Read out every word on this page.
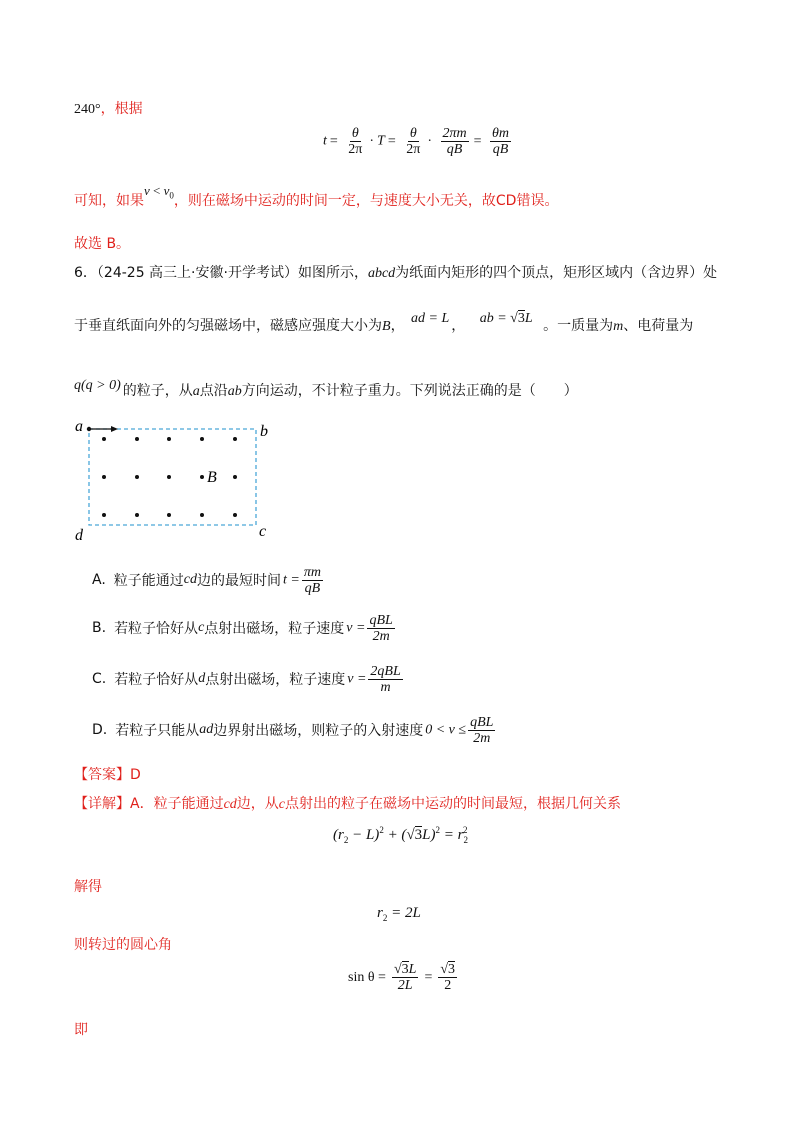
240°，根据
$t = \frac{\theta}{2\pi} \cdot T = \frac{\theta}{2\pi} \cdot \frac{2\pi m}{qB} = \frac{\theta m}{qB}$
可知，如果$v < v_0$，则在磁场中运动的时间一定，与速度大小无关，故CD错误。
故选 B。
6．（24-25 高三上·安徽·开学考试）如图所示，abcd为纸面内矩形的四个顶点，矩形区域内（含边界）处
于垂直纸面向外的匀强磁场中，磁感应强度大小为B， ad = L ， ab = √3L 。一质量为m、电荷量为
q(q > 0) 的粒子，从a点沿ab方向运动，不计粒子重力。下列说法正确的是（　　）
a	b
c
d
B
A. 粒子能通过 cd 边的最短时间 $t = \frac{\pi m}{qB}$
B. 若粒子恰好从 c 点射出磁场，粒子速度 $v = \frac{\text{qBL}}{2m}$
C. 若粒子恰好从 d 点射出磁场，粒子速度 $v = \frac{\text{2qBL}}{m}$
D. 若粒子只能从 ad 边界射出磁场，则粒子的入射速度 $0 < v \le \frac{\text{qBL}}{2m}$
【答案】D
【详解】A．粒子能通过cd边，从c点射出的粒子在磁场中运动的时间最短，根据几何关系
$(r_2 - L)^2 + (√3L)^2 = r_2^2$
解得
$r_2 = 2L$
则转过的圆心角
$\sin \theta = \frac{√3L}{2L} = \frac{√3}{2}$
即
